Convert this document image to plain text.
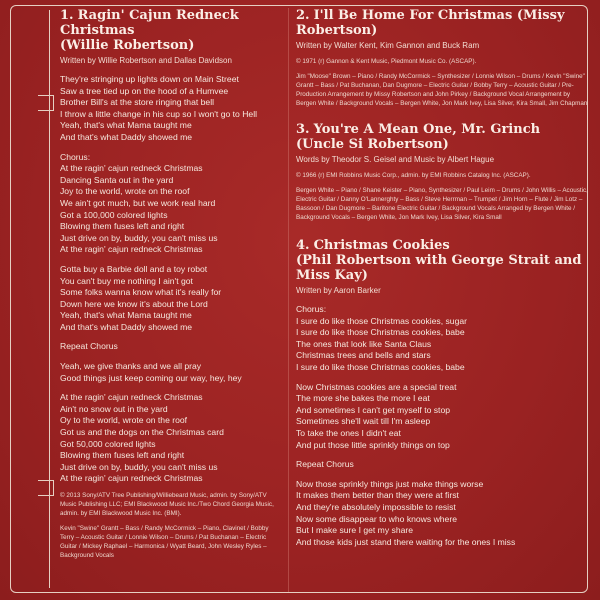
1. Ragin' Cajun Redneck Christmas

(Willie Robertson)

Written by Willie Robertson and Dallas Davidson

They're stringing up lights down on Main Street
Saw a tree tied up on the hood of a Humvee
Brother Bill's at the store ringing that bell
I throw a little change in his cup so I won't go to Hell
Yeah, that's what Mama taught me
And that's what Daddy showed me

Chorus:
At the ragin' cajun redneck Christmas
Dancing Santa out in the yard
Joy to the world, wrote on the roof
We ain't got much, but we work real hard
Got a 100,000 colored lights
Blowing them fuses left and right
Just drive on by, buddy, you can't miss us
At the ragin' cajun redneck Christmas

Gotta buy a Barbie doll and a toy robot
You can't buy me nothing I ain't got
Some folks wanna know what it's really for
Down here we know it's about the Lord
Yeah, that's what Mama taught me
And that's what Daddy showed me

Repeat Chorus

Yeah, we give thanks and we all pray
Good things just keep coming our way, hey, hey

At the ragin' cajun redneck Christmas
Ain't no snow out in the yard
Oy to the world, wrote on the roof
Got us and the dogs on the Christmas card
Got 50,000 colored lights
Blowing them fuses left and right
Just drive on by, buddy, you can't miss us
At the ragin' cajun redneck Christmas

© 2013 Sony/ATV Tree Publishing/Williebeard Music, admin. by Sony/ATV Music Publishing LLC; EMI Blackwood Music Inc./Two Chord Georgia Music, admin. by EMI Blackwood Music Inc. (BMI).

Kevin "Swine" Grantt – Bass / Randy McCormick – Piano, Clavinet / Bobby Terry – Acoustic Guitar / Lonnie Wilson – Drums / Pat Buchanan – Electric Guitar / Mickey Raphael – Harmonica / Wyatt Beard, John Wesley Ryles – Background Vocals

2. I'll Be Home For Christmas (Missy Robertson)

Written by Walter Kent, Kim Gannon and Buck Ram

© 1971 (r) Gannon & Kent Music, Piedmont Music Co. (ASCAP).

Jim "Moose" Brown – Piano / Randy McCormick – Synthesizer / Lonnie Wilson – Drums / Kevin "Swine" Grantt – Bass / Pat Buchanan, Dan Dugmore – Electric Guitar / Bobby Terry – Acoustic Guitar / Pre- Production Arrangement by Missy Robertson and John Pirkey / Background Vocal Arrangement by Bergen White / Background Vocals – Bergen White, Jon Mark Ivey, Lisa Silver, Kira Small, Jim Chapman

3. You're A Mean One, Mr. Grinch

(Uncle Si Robertson)

Words by Theodor S. Geisel and Music by Albert Hague

© 1966 (r) EMI Robbins Music Corp., admin. by EMI Robbins Catalog Inc. (ASCAP).

Bergen White – Piano / Shane Keister – Piano, Synthesizer / Paul Leim – Drums / John Willis – Acoustic, Electric Guitar / Danny O'Lannerghty – Bass / Steve Herrman – Trumpet / Jim Horn – Flute / Jim Lotz – Bassoon / Dan Dugmore – Baritone Electric Guitar / Background Vocals Arranged by Bergen White / Background Vocals – Bergen White, Jon Mark Ivey, Lisa Silver, Kira Small

4. Christmas Cookies

(Phil Robertson with George Strait and Miss Kay)

Written by Aaron Barker

Chorus:
I sure do like those Christmas cookies, sugar
I sure do like those Christmas cookies, babe
The ones that look like Santa Claus
Christmas trees and bells and stars
I sure do like those Christmas cookies, babe

Now Christmas cookies are a special treat
The more she bakes the more I eat
And sometimes I can't get myself to stop
Sometimes she'll wait till I'm asleep
To take the ones I didn't eat
And put those little sprinkly things on top

Repeat Chorus

Now those sprinkly things just make things worse
It makes them better than they were at first
And they're absolutely impossible to resist
Now some disappear to who knows where
But I make sure I get my share
And those kids just stand there waiting for the ones I miss
